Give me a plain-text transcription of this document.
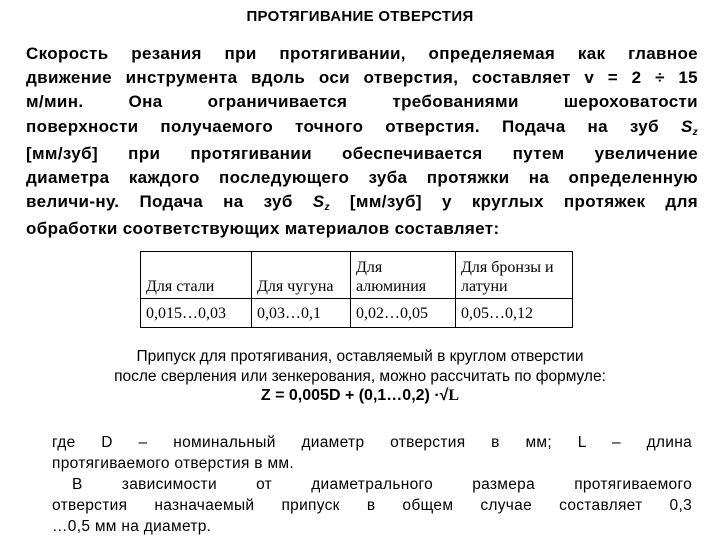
ПРОТЯГИВАНИЕ ОТВЕРСТИЯ
Скорость резания при протягивании, определяемая как главное
движение инструмента вдоль оси отверстия, составляет v = 2 ÷ 15
м/мин. Она ограничивается требованиями шероховатости
поверхности получаемого точного отверстия. Подача на зуб Sz
[мм/зуб] при протягивании обеспечивается путем увеличение
диаметра каждого последующего зуба протяжки на определенную
величи-ну. Подача на зуб Sz [мм/зуб] у круглых протяжек для
обработки соответствующих материалов составляет:
Для стали	Для чугуна	Для алюминия	Для бронзы и латуни
0,015…0,03	0,03…0,1	0,02…0,05	0,05…0,12
Припуск для протягивания, оставляемый в круглом отверстии
после сверления или зенкерования, можно рассчитать по формуле:
Z = 0,005D + (0,1…0,2) ·√L
где D – номинальный диаметр отверстия в мм; L – длина
протягиваемого отверстия в мм.
В зависимости от диаметрального размера протягиваемого
отверстия назначаемый припуск в общем случае составляет 0,3
…0,5 мм на диаметр.
